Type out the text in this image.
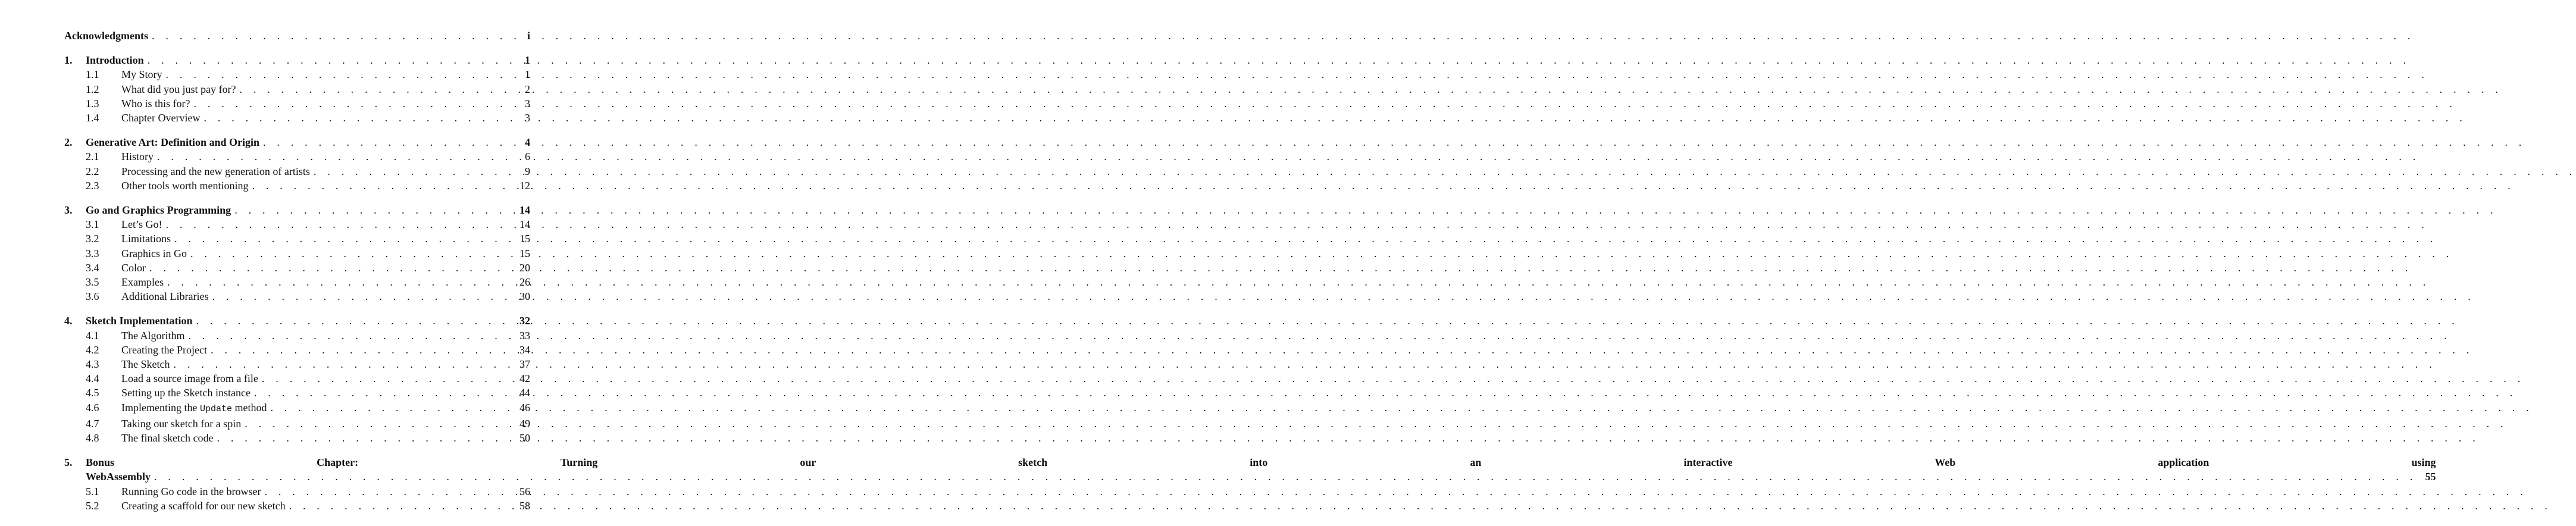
Acknowledgments . . .	i
1.	Introduction . . .	1
1.1	My Story . . .	1
1.2	What did you just pay for? . . .	2
1.3	Who is this for? . . .	3
1.4	Chapter Overview . . .	3
2.	Generative Art: Definition and Origin . . .	4
2.1	History . . .	6
2.2	Processing and the new generation of artists . . .	9
2.3	Other tools worth mentioning . . .	12
3.	Go and Graphics Programming . . .	14
3.1	Let’s Go! . . .	14
3.2	Limitations . . .	15
3.3	Graphics in Go . . .	15
3.4	Color . . .	20
3.5	Examples . . .	26
3.6	Additional Libraries . . .	30
4.	Sketch Implementation . . .	32
4.1	The Algorithm . . .	33
4.2	Creating the Project . . .	34
4.3	The Sketch . . .	37
4.4	Load a source image from a file . . .	42
4.5	Setting up the Sketch instance . . .	44
4.6	Implementing the Update method . . .	46
4.7	Taking our sketch for a spin . . .	49
4.8	The final sketch code . . .	50
5.	Bonus Chapter: Turning our sketch into an interactive Web application using
WebAssembly . . .	55
5.1	Running Go code in the browser . . .	56
5.2	Creating a scaffold for our new sketch . . .	58
